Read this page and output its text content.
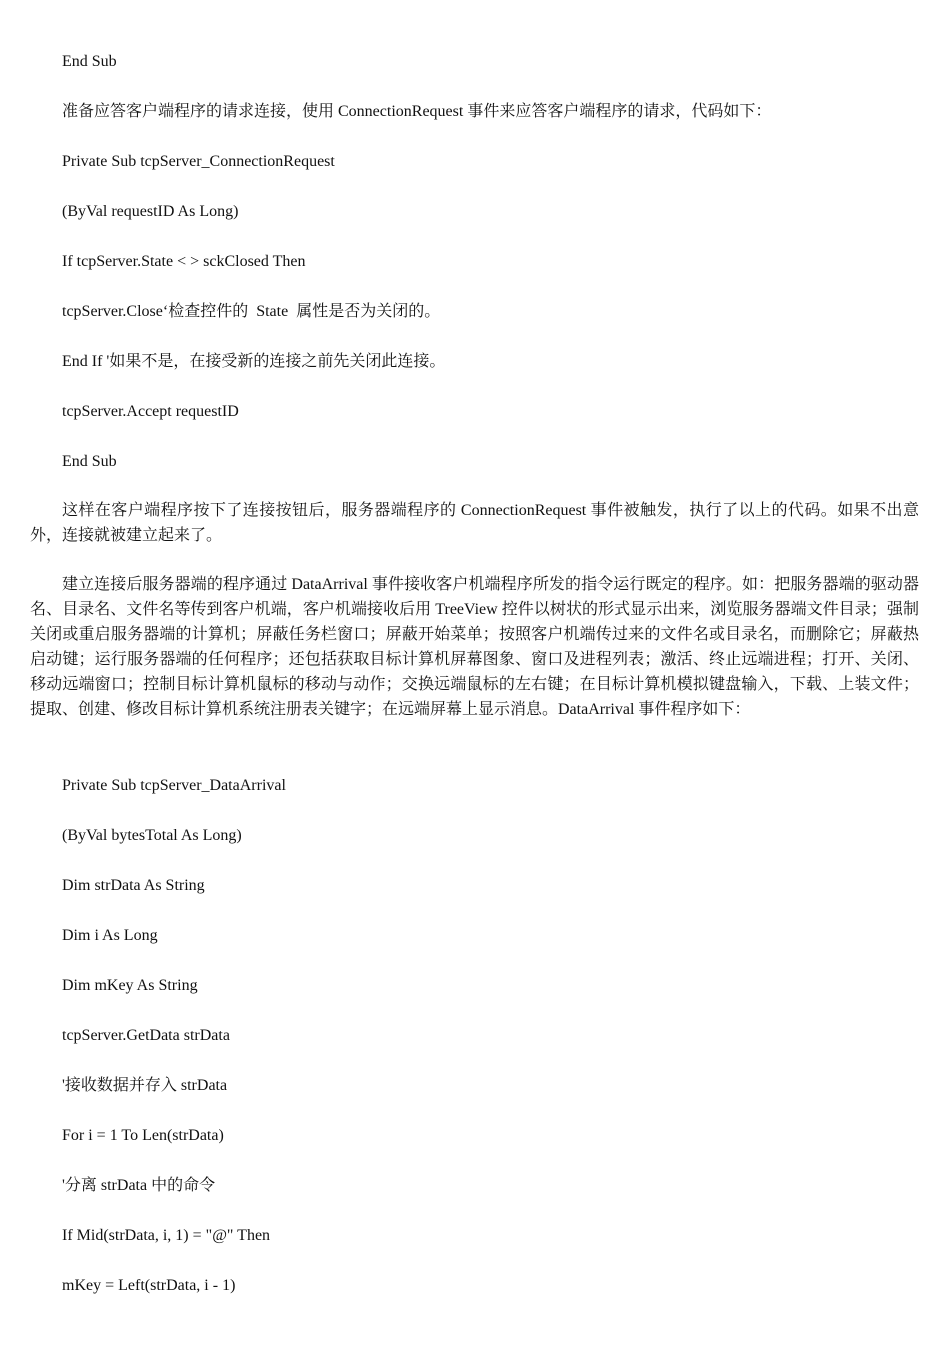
End Sub
准备应答客户端程序的请求连接，使用 ConnectionRequest 事件来应答客户端程序的请求，代码如下：
Private Sub tcpServer_ConnectionRequest
(ByVal requestID As Long)
If tcpServer.State < > sckClosed Then
tcpServer.Close‘检查控件的  State  属性是否为关闭的。
End If '如果不是，在接受新的连接之前先关闭此连接。
tcpServer.Accept requestID
End Sub
这样在客户端程序按下了连接按钮后，服务器端程序的 ConnectionRequest 事件被触发，执行了以上的代码。如果不出意外，连接就被建立起来了。
建立连接后服务器端的程序通过 DataArrival 事件接收客户机端程序所发的指令运行既定的程序。如：把服务器端的驱动器名、目录名、文件名等传到客户机端，客户机端接收后用 TreeView 控件以树状的形式显示出来，浏览服务器端文件目录；强制关闭或重启服务器端的计算机；屏蔽任务栏窗口；屏蔽开始菜单；按照客户机端传过来的文件名或目录名，而删除它；屏蔽热启动键；运行服务器端的任何程序；还包括获取目标计算机屏幕图象、窗口及进程列表；激活、终止远端进程；打开、关闭、移动远端窗口；控制目标计算机鼠标的移动与动作；交换远端鼠标的左右键；在目标计算机模拟键盘输入，下载、上装文件；提取、创建、修改目标计算机系统注册表关键字；在远端屏幕上显示消息。DataArrival 事件程序如下：
Private Sub tcpServer_DataArrival
(ByVal bytesTotal As Long)
Dim strData As String
Dim i As Long
Dim mKey As String
tcpServer.GetData strData
'接收数据并存入 strData
For i = 1 To Len(strData)
'分离 strData 中的命令
If Mid(strData, i, 1) = "@" Then
mKey = Left(strData, i - 1)
